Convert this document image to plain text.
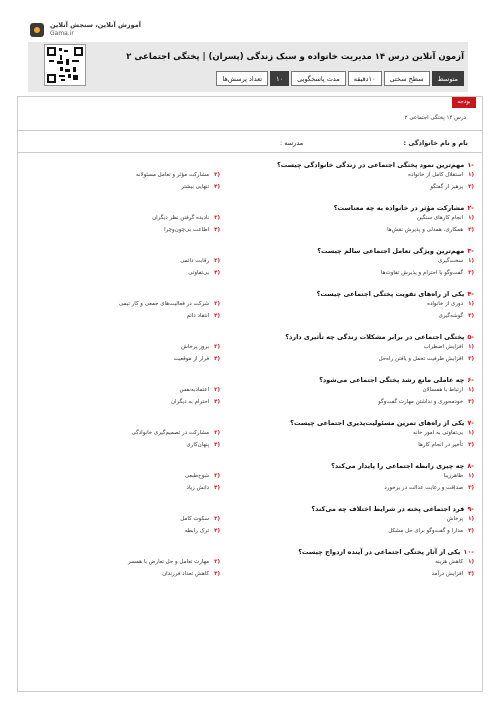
آموزش آنلاین، سنجش آنلاین
Gama.ir
آزمون آنلاین درس ۱۴ مدیریت خانواده و سبک زندگی (پسران) | پختگی اجتماعی ۲
تعداد پرسش‌ها	۱۰	مدت پاسخگویی	۱۰دقیقه	سطح سختی	متوسط
بودجه بندی
درس ۱۴ پختگی اجتماعی ۲
نام و نام خانوادگی :
مدرسه :
-۱مهم‌ترین نمود پختگی اجتماعی در زندگی خانوادگی چیست؟
(۱استقلال کامل از خانواده
(۲مشارکت مؤثر و تعامل مسئولانه
(۳پرهیز از گفتگو
(۴تنهایی بیشتر
-۲مشارکت مؤثر در خانواده به چه معناست؟
(۱انجام کارهای سنگین
(۲نادیده گرفتن نظر دیگران
(۳همکاری، همدلی و پذیرش نقش‌ها
(۴اطاعت بی‌چون‌وچرا
-۳مهم‌ترین ویژگی تعامل اجتماعی سالم چیست؟
(۱سخت‌گیری
(۲رقابت دائمی
(۳گفت‌وگو با احترام و پذیرش تفاوت‌ها
(۴بی‌تفاوتی
-۴یکی از راه‌های تقویت پختگی اجتماعی چیست؟
(۱دوری از خانواده
(۲شرکت در فعالیت‌های جمعی و کار تیمی
(۳گوشه‌گیری
(۴انتقاد دائم
-۵پختگی اجتماعی در برابر مشکلات زندگی چه تأثیری دارد؟
(۱افزایش اضطراب
(۲بروز پرخاش
(۳افزایش ظرفیت تحمل و یافتن راه‌حل
(۴فرار از موقعیت
-۶چه عاملی مانع رشد پختگی اجتماعی می‌شود؟
(۱ارتباط با همسالان
(۲اعتمادبه‌نفس
(۳خودمحوری و نداشتن مهارت گفت‌وگو
(۴احترام به دیگران
-۷یکی از راه‌های تمرین مسئولیت‌پذیری اجتماعی چیست؟
(۱بی‌تفاوتی به امور خانه
(۲مشارکت در تصمیم‌گیری خانوادگی
(۳تأخیر در انجام کارها
(۴پنهان‌کاری
-۸چه چیزی رابطه اجتماعی را پایدار می‌کند؟
(۱ظاهرزیبا
(۲شوخ‌طبعی
(۳صداقت و رعایت عدالت در برخورد
(۴دانش زیاد
-۹فرد اجتماعی پخته در شرایط اختلاف چه می‌کند؟
(۱پرخاش
(۲سکوت کامل
(۳مدارا و گفت‌وگو برای حل مشکل
(۴ترک رابطه
-۱۰یکی از آثار پختگی اجتماعی در آینده ازدواج چیست؟
(۱کاهش هزینه
(۲مهارت تعامل و حل تعارض با همسر
(۳افزایش درآمد
(۴کاهش تعداد فرزندان
